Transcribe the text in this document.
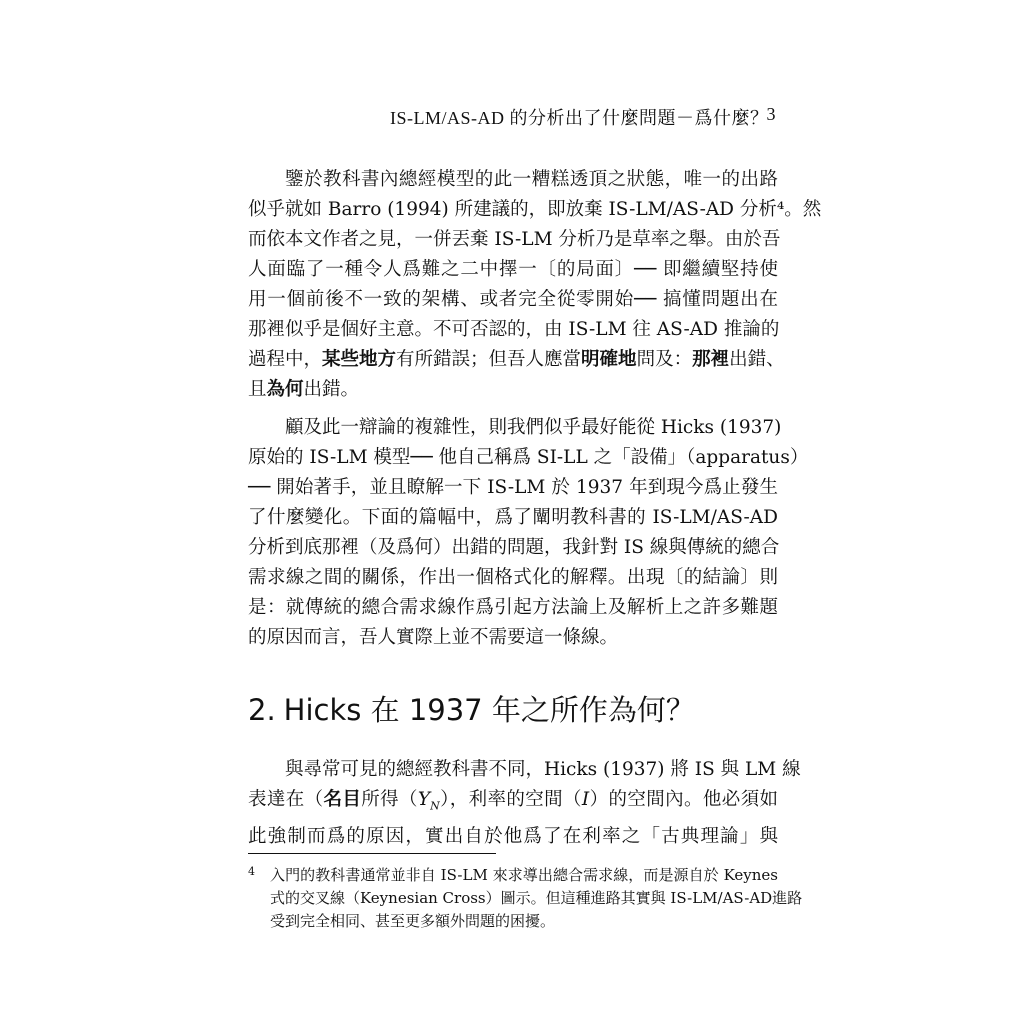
IS-LM/AS-AD 的分析出了什麼問題－爲什麼？
3
鑒於教科書內總經模型的此一糟糕透頂之狀態，唯一的出路
似乎就如 Barro (1994) 所建議的，即放棄 IS-LM/AS-AD 分析⁴。然
而依本文作者之見，一併丟棄 IS-LM 分析乃是草率之舉。由於吾
人面臨了一種令人爲難之二中擇一〔的局面〕── 即繼續堅持使
用一個前後不一致的架構、或者完全從零開始── 搞懂問題出在
那裡似乎是個好主意。不可否認的，由 IS-LM 往 AS-AD 推論的
過程中，某些地方有所錯誤；但吾人應當明確地問及：那裡出錯、
且為何出錯。
顧及此一辯論的複雜性，則我們似乎最好能從 Hicks (1937)
原始的 IS-LM 模型── 他自己稱爲 SI-LL 之「設備」（apparatus）
── 開始著手，並且瞭解一下 IS-LM 於 1937 年到現今爲止發生
了什麼變化。下面的篇幅中，爲了闡明教科書的 IS-LM/AS-AD
分析到底那裡（及爲何）出錯的問題，我針對 IS 線與傳統的總合
需求線之間的關係，作出一個格式化的解釋。出現〔的結論〕則
是：就傳統的總合需求線作爲引起方法論上及解析上之許多難題
的原因而言，吾人實際上並不需要這一條線。
2. Hicks 在 1937 年之所作為何？
與尋常可見的總經教科書不同，Hicks (1937) 將 IS 與 LM 線
表達在（名目所得$(Y_N)$，利率的空間（I）的空間內。他必須如
此強制而爲的原因，實出自於他爲了在利率之「古典理論」與
4 入門的教科書通常並非自 IS-LM 來求導出總合需求線，而是源自於 Keynes
式的交叉線（Keynesian Cross）圖示。但這種進路其實與 IS-LM/AS-AD進路
受到完全相同、甚至更多額外問題的困擾。
